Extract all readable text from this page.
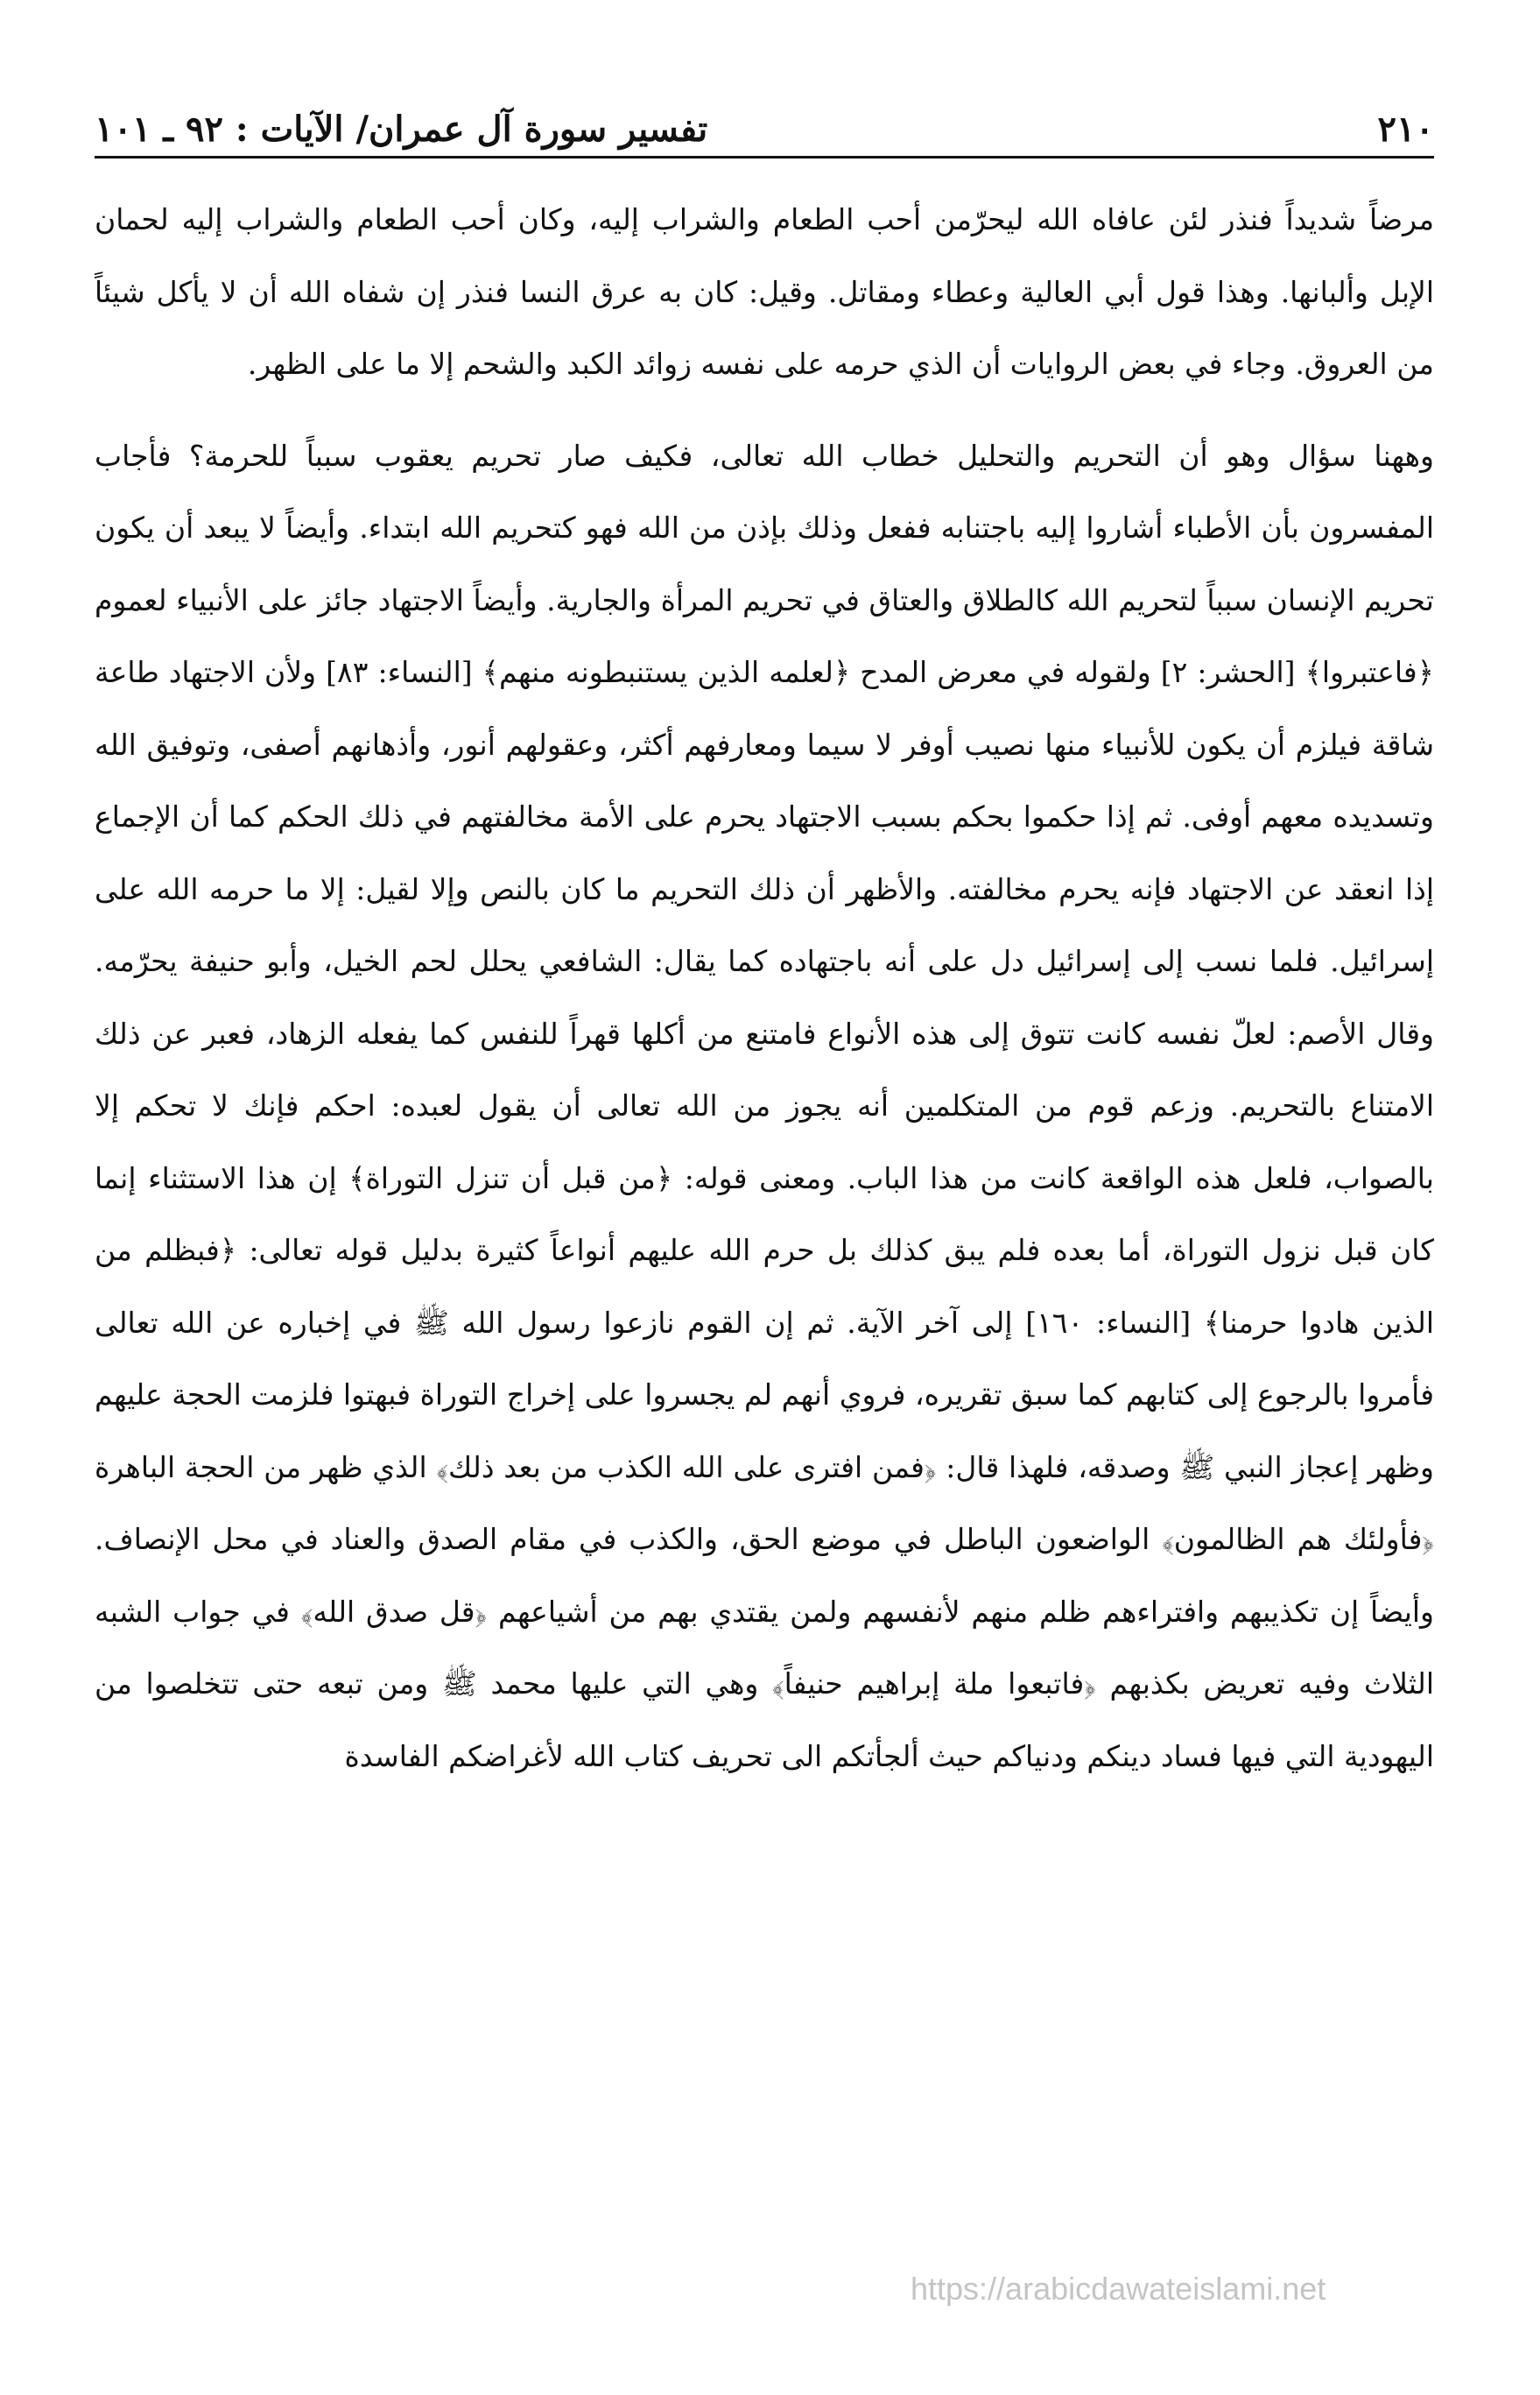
٢١٠
تفسير سورة آل عمران/ الآيات : ٩٢ ـ ١٠١

مرضاً شديداً فنذر لئن عافاه الله ليحرّمن أحب الطعام والشراب إليه، وكان أحب الطعام والشراب إليه لحمان الإبل وألبانها. وهذا قول أبي العالية وعطاء ومقاتل. وقيل: كان به عرق النسا فنذر إن شفاه الله أن لا يأكل شيئاً من العروق. وجاء في بعض الروايات أن الذي حرمه على نفسه زوائد الكبد والشحم إلا ما على الظهر.

وههنا سؤال وهو أن التحريم والتحليل خطاب الله تعالى، فكيف صار تحريم يعقوب سبباً للحرمة؟ فأجاب المفسرون بأن الأطباء أشاروا إليه باجتنابه ففعل وذلك بإذن من الله فهو كتحريم الله ابتداء. وأيضاً لا يبعد أن يكون تحريم الإنسان سبباً لتحريم الله كالطلاق والعتاق في تحريم المرأة والجارية. وأيضاً الاجتهاد جائز على الأنبياء لعموم ﴿فاعتبروا﴾ [الحشر: ٢] ولقوله في معرض المدح ﴿لعلمه الذين يستنبطونه منهم﴾ [النساء: ٨٣] ولأن الاجتهاد طاعة شاقة فيلزم أن يكون للأنبياء منها نصيب أوفر لا سيما ومعارفهم أكثر، وعقولهم أنور، وأذهانهم أصفى، وتوفيق الله وتسديده معهم أوفى. ثم إذا حكموا بحكم بسبب الاجتهاد يحرم على الأمة مخالفتهم في ذلك الحكم كما أن الإجماع إذا انعقد عن الاجتهاد فإنه يحرم مخالفته. والأظهر أن ذلك التحريم ما كان بالنص وإلا لقيل: إلا ما حرمه الله على إسرائيل. فلما نسب إلى إسرائيل دل على أنه باجتهاده كما يقال: الشافعي يحلل لحم الخيل، وأبو حنيفة يحرّمه. وقال الأصم: لعلّ نفسه كانت تتوق إلى هذه الأنواع فامتنع من أكلها قهراً للنفس كما يفعله الزهاد، فعبر عن ذلك الامتناع بالتحريم. وزعم قوم من المتكلمين أنه يجوز من الله تعالى أن يقول لعبده: احكم فإنك لا تحكم إلا بالصواب، فلعل هذه الواقعة كانت من هذا الباب. ومعنى قوله: ﴿من قبل أن تنزل التوراة﴾ إن هذا الاستثناء إنما كان قبل نزول التوراة، أما بعده فلم يبق كذلك بل حرم الله عليهم أنواعاً كثيرة بدليل قوله تعالى: ﴿فبظلم من الذين هادوا حرمنا﴾ [النساء: ١٦٠] إلى آخر الآية. ثم إن القوم نازعوا رسول الله ﷺ في إخباره عن الله تعالى فأمروا بالرجوع إلى كتابهم كما سبق تقريره، فروي أنهم لم يجسروا على إخراج التوراة فبهتوا فلزمت الحجة عليهم وظهر إعجاز النبي ﷺ وصدقه، فلهذا قال: ﴿فمن افترى على الله الكذب من بعد ذلك﴾ الذي ظهر من الحجة الباهرة ﴿فأولئك هم الظالمون﴾ الواضعون الباطل في موضع الحق، والكذب في مقام الصدق والعناد في محل الإنصاف. وأيضاً إن تكذيبهم وافتراءهم ظلم منهم لأنفسهم ولمن يقتدي بهم من أشياعهم ﴿قل صدق الله﴾ في جواب الشبه الثلاث وفيه تعريض بكذبهم ﴿فاتبعوا ملة إبراهيم حنيفاً﴾ وهي التي عليها محمد ﷺ ومن تبعه حتى تتخلصوا من اليهودية التي فيها فساد دينكم ودنياكم حيث ألجأتكم الى تحريف كتاب الله لأغراضكم الفاسدة

https://arabicdawateislami.net
